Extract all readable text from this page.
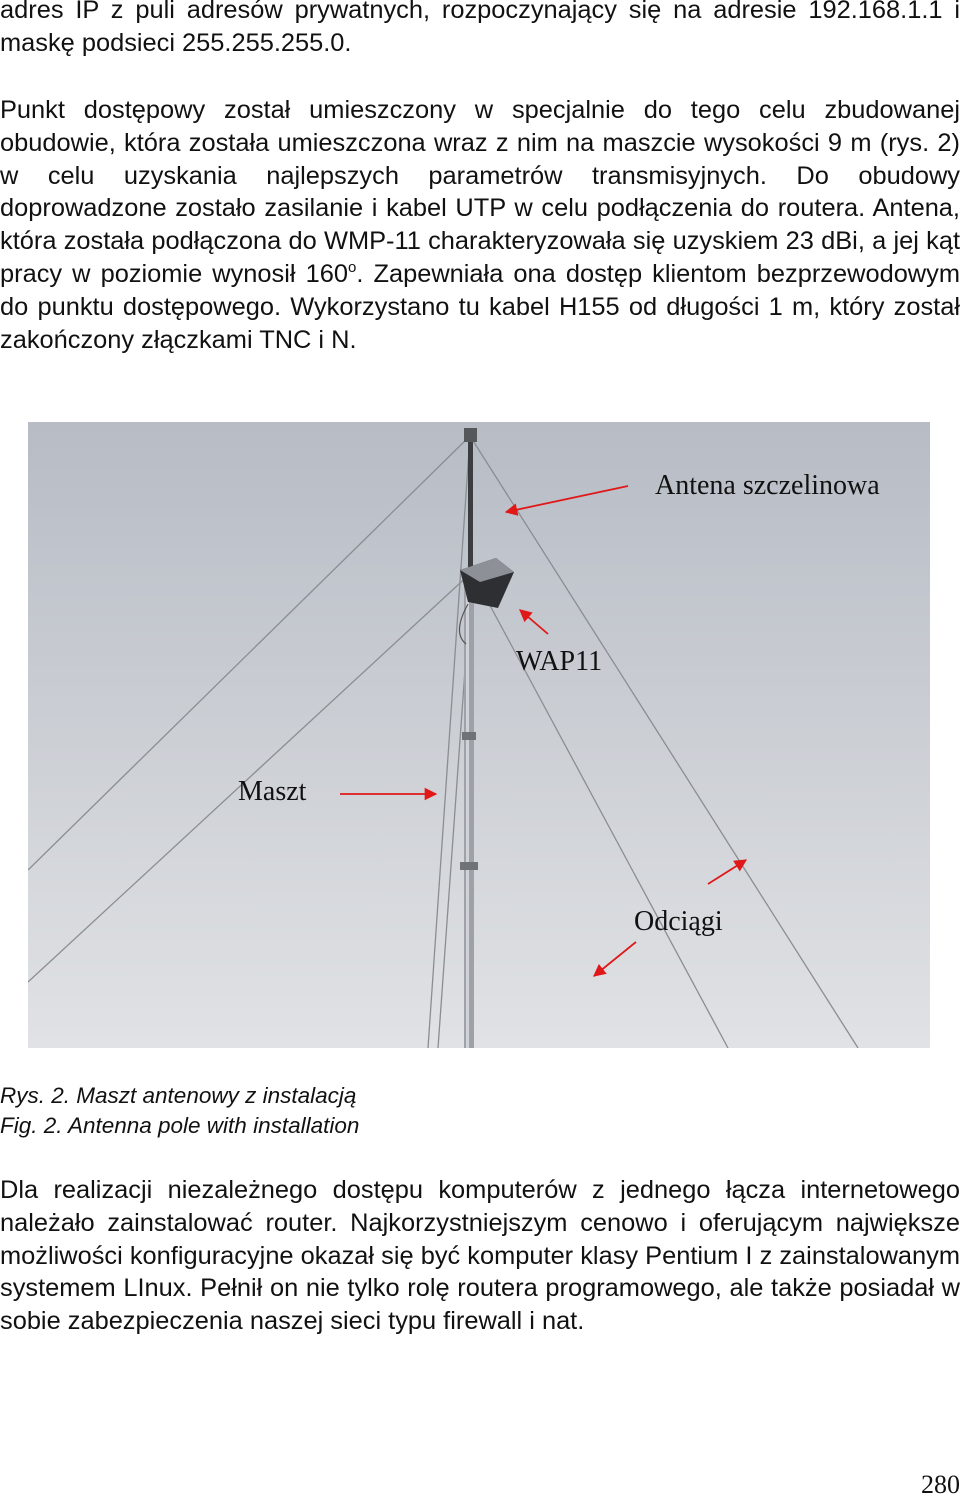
adres IP z puli adresów prywatnych, rozpoczynający się na adresie 192.168.1.1 i maskę podsieci 255.255.255.0.

Punkt dostępowy został umieszczony w specjalnie do tego celu zbudowanej obudowie, która została umieszczona wraz z nim na maszcie wysokości 9 m (rys. 2) w celu uzyskania najlepszych parametrów transmisyjnych. Do obudowy doprowadzone zostało zasilanie i kabel UTP w celu podłączenia do routera. Antena, która została podłączona do WMP-11 charakteryzowała się uzyskiem 23 dBi, a jej kąt pracy w poziomie wynosił 160$^o$. Zapewniała ona dostęp klientom bezprzewodowym do punktu dostępowego. Wykorzystano tu kabel H155 od długości 1 m, który został zakończony złączkami TNC i N.

Antena szczelinowa
WAP11
Maszt
Odciągi

Rys. 2. Maszt antenowy z instalacją

Fig. 2. Antenna pole with installation

Dla realizacji niezależnego dostępu komputerów z jednego łącza internetowego należało zainstalować router. Najkorzystniejszym cenowo i oferującym największe możliwości konfiguracyjne okazał się być komputer klasy Pentium I z zainstalowanym systemem LInux. Pełnił on nie tylko rolę routera programowego, ale także posiadał w sobie zabezpieczenia naszej sieci typu firewall i nat.

280
